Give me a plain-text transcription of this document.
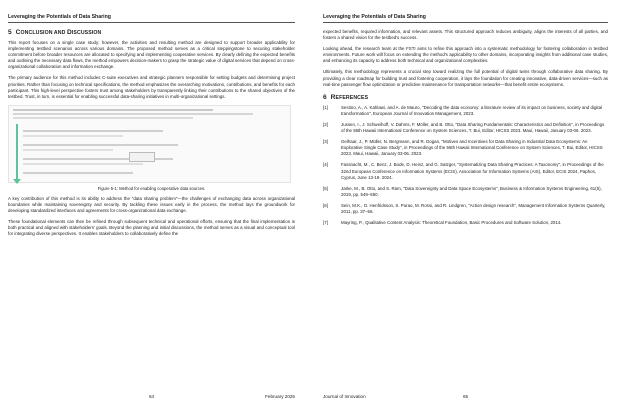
Leveraging the Potentials of Data Sharing
5 CONCLUSION AND DISCUSSION

This report focuses on a single case study; however, the activities and resulting method are designed to support broader applicability for implementing testbed scenarios across various domains. The proposed method serves as a critical steppingstone to securing stakeholder commitment before broader resources are allocated to specifying and implementing cooperative services. By clearly defining the expected benefits and outlining the necessary data flows, the method empowers decision-makers to grasp the strategic value of digital services that depend on cross-organizational collaboration and information exchange.

The primary audience for this method includes C-suite executives and strategic planners responsible for setting budgets and determining project priorities. Rather than focusing on technical specifications, the method emphasizes the overarching motivations, contributions, and benefits for each participant. This high-level perspective fosters trust among stakeholders by transparently linking their contributions to the shared objectives of the testbed. Trust, in turn, is essential for enabling successful data-sharing initiatives in multi-organizational settings.

Figure 5-1: Method for enabling cooperative data sources.

A key contribution of this method is its ability to address the "data sharing problem"—the challenges of exchanging data across organizational boundaries while maintaining sovereignty and security. By tackling these issues early in the process, the method lays the groundwork for developing standardized interfaces and agreements for cross-organizational data exchange.

These foundational elements can then be refined through subsequent technical and operational efforts, ensuring that the final implementation is both practical and aligned with stakeholders' goals. Beyond the planning and initial discussions, the method serves as a visual and conceptual tool for integrating diverse perspectives. It enables stakeholders to collaboratively define the

64	February 2025
Leveraging the Potentials of Data Sharing

expected benefits, required information, and relevant assets. This structured approach reduces ambiguity, aligns the interests of all parties, and fosters a shared vision for the testbed's success.

Looking ahead, the research team at the FSTI aims to refine this approach into a systematic methodology for fostering collaboration in testbed environments. Future work will focus on extending the method's applicability to other domains, incorporating insights from additional case studies, and enhancing its capacity to address both technical and organizational complexities.

Ultimately, this methodology represents a crucial step toward realizing the full potential of digital twins through collaborative data sharing. By providing a clear roadmap for building trust and fostering cooperation, it lays the foundation for creating innovative, data-driven services—such as real-time passenger flow optimization or predictive maintenance for transportation networks—that benefit entire ecosystems.

6 REFERENCES
[1]	Sestino, A., A. Kahlawi, and A. de Mauro, "Decoding the data economy: a literature review of its impact on business, society and digital transformation", European Journal of Innovation Management, 2023.
[2]	Jussen, I., J. Schweihoff, V. Dahms, F. Möller, and B. Otto, "Data Sharing Fundamentals: Characteristics and Definition", in Proceedings of the 56th Hawaii International Conference on System Sciences, T. Bui, Editor, HICSS 2023. Maui, Hawaii, January 03-06. 2023.
[3]	Gelhaar, J., P. Müller, N. Bergmann, and R. Dogan, "Motives and Incentives for Data Sharing in Industrial Data Ecosystems: An Explorative Single Case Study", in Proceedings of the 56th Hawaii International Conference on System Sciences, T. Bui, Editor, HICSS 2023. Maui, Hawaii, January 03-06. 2023.
[4]	Fassnacht, M., C. Benz, J. Bode, D. Heinz, and G. Satzger, "Systematizing Data Sharing Practices: A Taxonomy", in Proceedings of the 32nd European Conference on Information Systems (ECIS), Association for Information Systems (AIS), Editor, ECIS 2024, Paphos, Cyprus, June 13-19. 2024.
[5]	Jarke, M., B. Otto, and S. Ram, "Data Sovereignty and Data Space Ecosystems", Business & Information Systems Engineering, 61(5), 2019, pp. 549–550.
[6]	Sein, M.K., O. Henfridsson, S. Purao, M. Rossi, and R. Lindgren, "Action design research", Management Information Systems Quarterly, 2011, pp. 37–56.
[7]	Mayring, P., Qualitative Content Analysis: Theoretical Foundation, Basic Procedures and Software Solution, 2014.
Journal of Innovation	65
